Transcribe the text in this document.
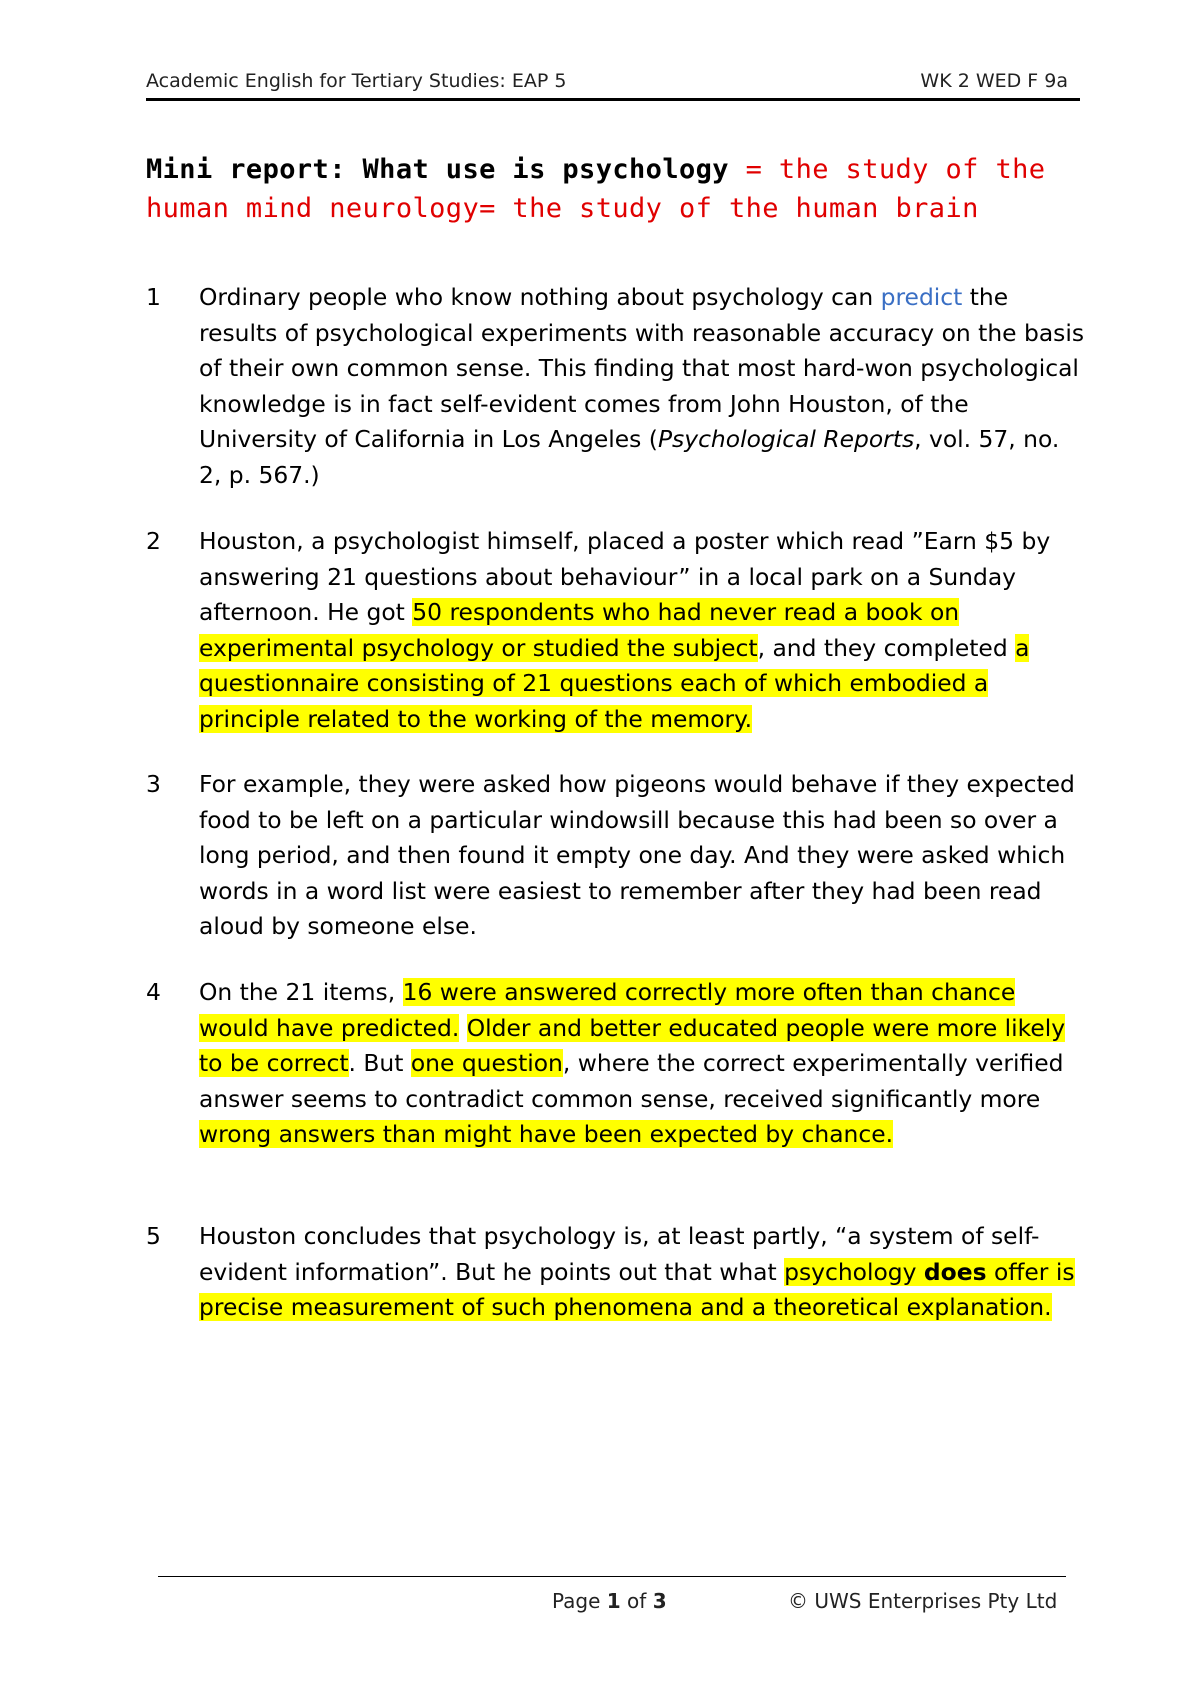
Academic English for Tertiary Studies: EAP 5	WK 2 WED F 9a
Mini report: What use is psychology = the study of the human mind neurology= the study of the human brain
1 Ordinary people who know nothing about psychology can predict the results of psychological experiments with reasonable accuracy on the basis of their own common sense. This finding that most hard-won psychological knowledge is in fact self-evident comes from John Houston, of the University of California in Los Angeles (Psychological Reports, vol. 57, no. 2, p. 567.)
2 Houston, a psychologist himself, placed a poster which read ”Earn $5 by answering 21 questions about behaviour” in a local park on a Sunday afternoon. He got 50 respondents who had never read a book on experimental psychology or studied the subject, and they completed a questionnaire consisting of 21 questions each of which embodied a principle related to the working of the memory.
3 For example, they were asked how pigeons would behave if they expected food to be left on a particular windowsill because this had been so over a long period, and then found it empty one day. And they were asked which words in a word list were easiest to remember after they had been read aloud by someone else.
4 On the 21 items, 16 were answered correctly more often than chance would have predicted. Older and better educated people were more likely to be correct. But one question, where the correct experimentally verified answer seems to contradict common sense, received significantly more wrong answers than might have been expected by chance.
5 Houston concludes that psychology is, at least partly, “a system of self-evident information”. But he points out that what psychology does offer is precise measurement of such phenomena and a theoretical explanation.
Page 1 of 3	© UWS Enterprises Pty Ltd
